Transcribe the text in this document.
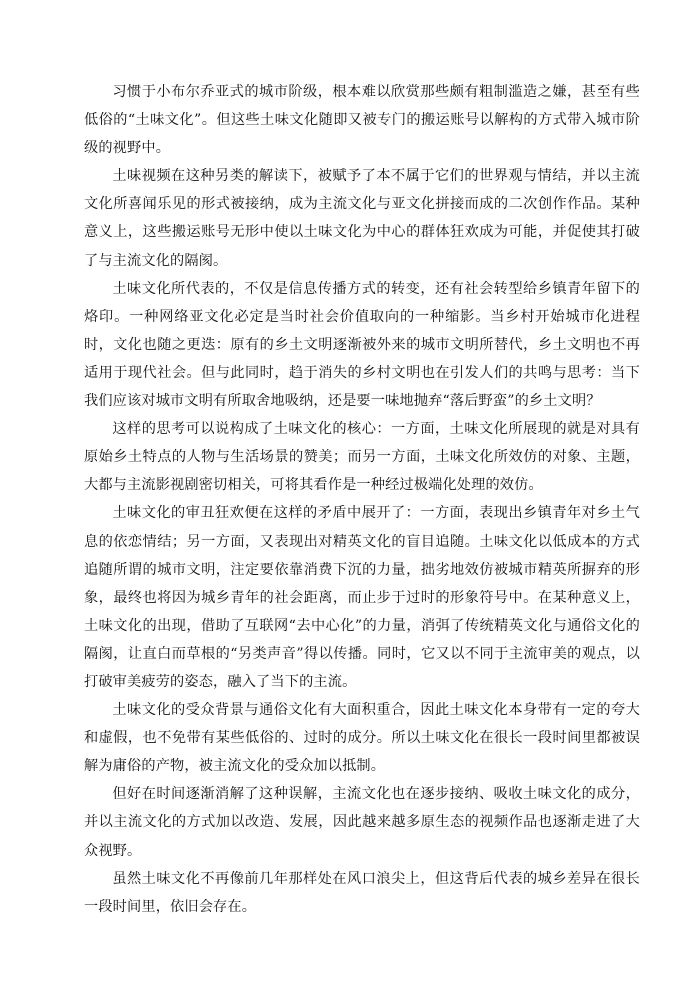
习惯于小布尔乔亚式的城市阶级，根本难以欣赏那些颇有粗制滥造之嫌，甚至有些低俗的“土味文化”。但这些土味文化随即又被专门的搬运账号以解构的方式带入城市阶级的视野中。

土味视频在这种另类的解读下，被赋予了本不属于它们的世界观与情结，并以主流文化所喜闻乐见的形式被接纳，成为主流文化与亚文化拼接而成的二次创作作品。某种意义上，这些搬运账号无形中使以土味文化为中心的群体狂欢成为可能，并促使其打破了与主流文化的隔阂。

土味文化所代表的，不仅是信息传播方式的转变，还有社会转型给乡镇青年留下的烙印。一种网络亚文化必定是当时社会价值取向的一种缩影。当乡村开始城市化进程时，文化也随之更迭：原有的乡土文明逐渐被外来的城市文明所替代，乡土文明也不再适用于现代社会。但与此同时，趋于消失的乡村文明也在引发人们的共鸣与思考：当下我们应该对城市文明有所取舍地吸纳，还是要一味地抛弃“落后野蛮”的乡土文明？

这样的思考可以说构成了土味文化的核心：一方面，土味文化所展现的就是对具有原始乡土特点的人物与生活场景的赞美；而另一方面，土味文化所效仿的对象、主题，大都与主流影视剧密切相关，可将其看作是一种经过极端化处理的效仿。

土味文化的审丑狂欢便在这样的矛盾中展开了：一方面，表现出乡镇青年对乡土气息的依恋情结；另一方面，又表现出对精英文化的盲目追随。土味文化以低成本的方式追随所谓的城市文明，注定要依靠消费下沉的力量，拙劣地效仿被城市精英所摒弃的形象，最终也将因为城乡青年的社会距离，而止步于过时的形象符号中。在某种意义上，土味文化的出现，借助了互联网“去中心化”的力量，消弭了传统精英文化与通俗文化的隔阂，让直白而草根的“另类声音”得以传播。同时，它又以不同于主流审美的观点，以打破审美疲劳的姿态，融入了当下的主流。

土味文化的受众背景与通俗文化有大面积重合，因此土味文化本身带有一定的夸大和虚假，也不免带有某些低俗的、过时的成分。所以土味文化在很长一段时间里都被误解为庸俗的产物，被主流文化的受众加以抵制。

但好在时间逐渐消解了这种误解，主流文化也在逐步接纳、吸收土味文化的成分，并以主流文化的方式加以改造、发展，因此越来越多原生态的视频作品也逐渐走进了大众视野。

虽然土味文化不再像前几年那样处在风口浪尖上，但这背后代表的城乡差异在很长一段时间里，依旧会存在。
